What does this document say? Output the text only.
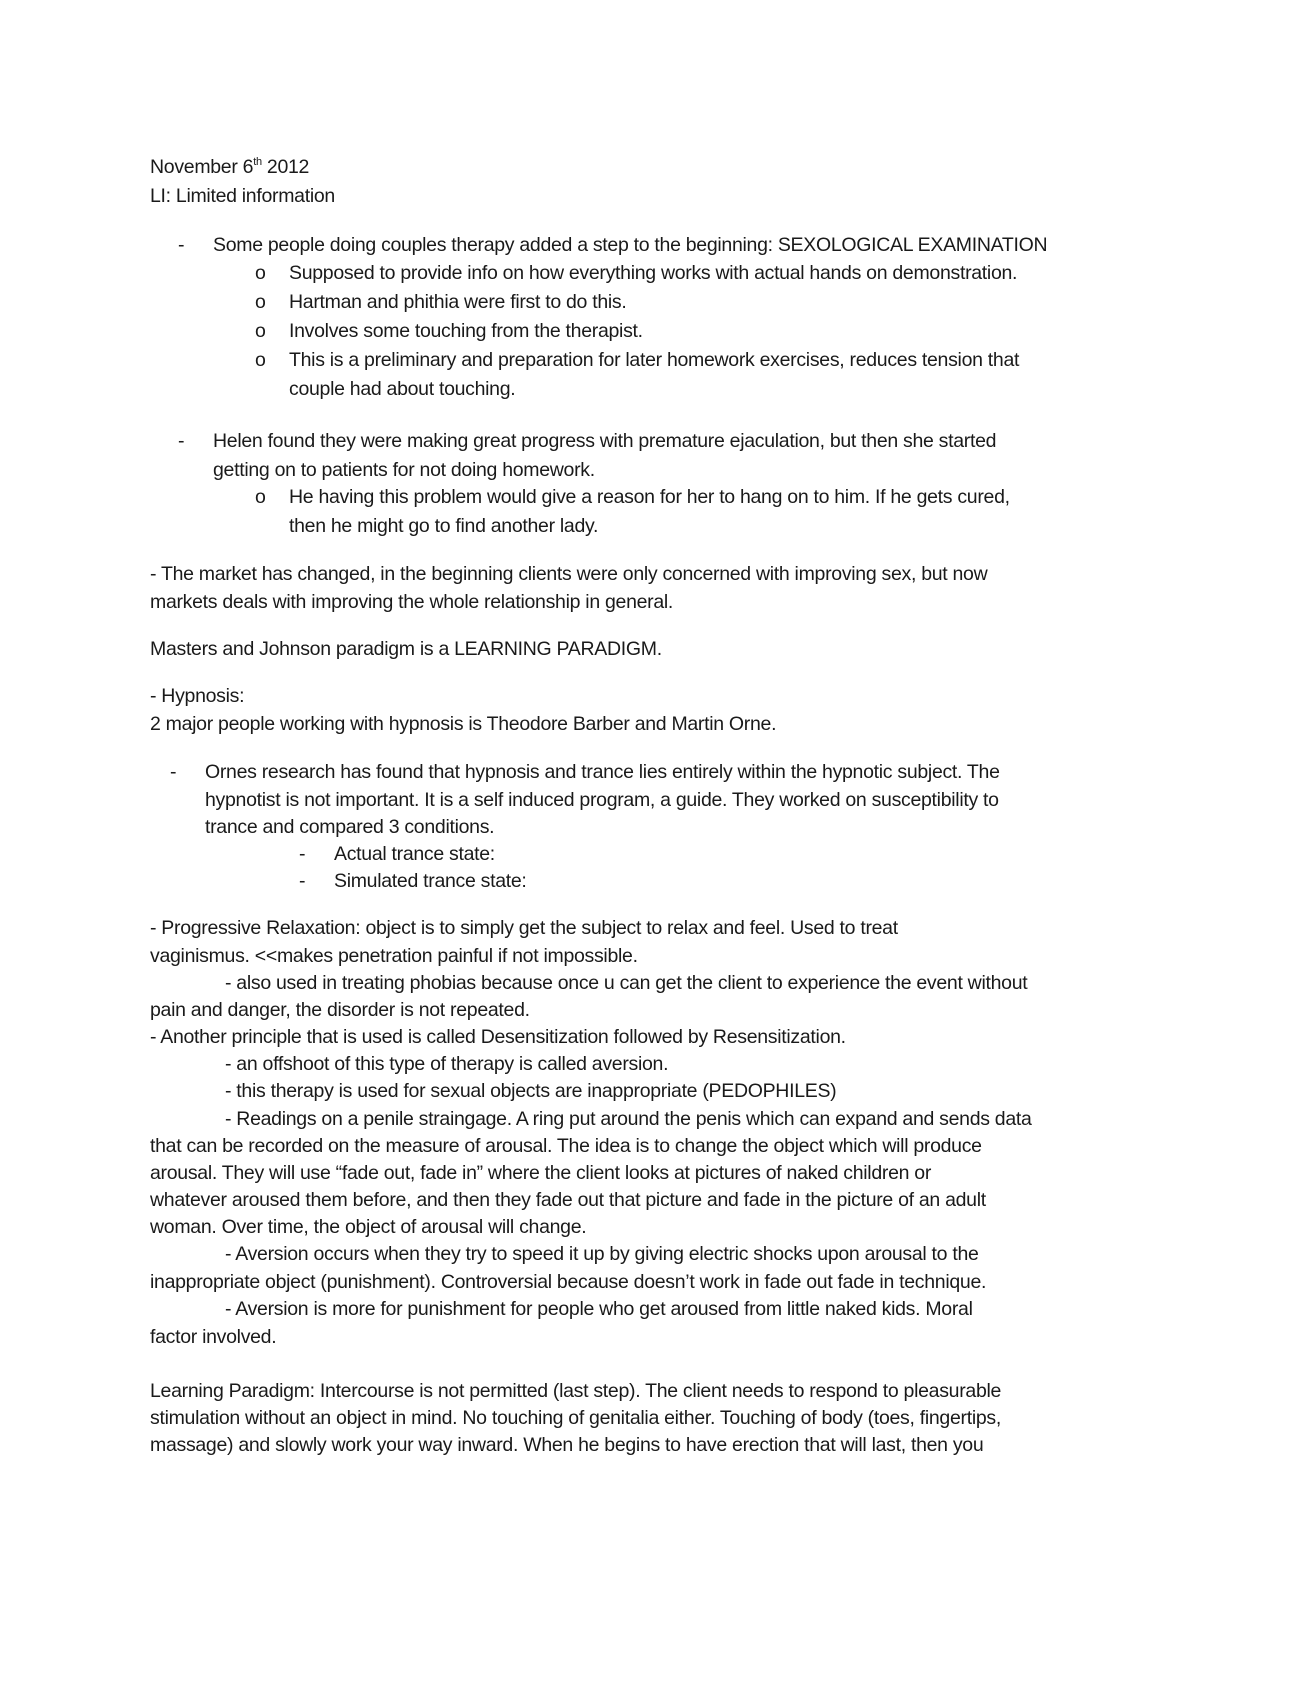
November 6th 2012
LI: Limited information
- Some people doing couples therapy added a step to the beginning: SEXOLOGICAL EXAMINATION
o Supposed to provide info on how everything works with actual hands on demonstration.
o Hartman and phithia were first to do this.
o Involves some touching from the therapist.
o This is a preliminary and preparation for later homework exercises, reduces tension that
couple had about touching.
- Helen found they were making great progress with premature ejaculation, but then she started
getting on to patients for not doing homework.
o He having this problem would give a reason for her to hang on to him. If he gets cured,
then he might go to find another lady.
- The market has changed, in the beginning clients were only concerned with improving sex, but now
markets deals with improving the whole relationship in general.
Masters and Johnson paradigm is a LEARNING PARADIGM.
- Hypnosis:
2 major people working with hypnosis is Theodore Barber and Martin Orne.
- Ornes research has found that hypnosis and trance lies entirely within the hypnotic subject. The
hypnotist is not important. It is a self induced program, a guide. They worked on susceptibility to
trance and compared 3 conditions.
- Actual trance state:
- Simulated trance state:
- Progressive Relaxation: object is to simply get the subject to relax and feel. Used to treat
vaginismus. <<makes penetration painful if not impossible.
- also used in treating phobias because once u can get the client to experience the event without
pain and danger, the disorder is not repeated.
- Another principle that is used is called Desensitization followed by Resensitization.
- an offshoot of this type of therapy is called aversion.
- this therapy is used for sexual objects are inappropriate (PEDOPHILES)
- Readings on a penile straingage. A ring put around the penis which can expand and sends data
that can be recorded on the measure of arousal. The idea is to change the object which will produce
arousal. They will use “fade out, fade in” where the client looks at pictures of naked children or
whatever aroused them before, and then they fade out that picture and fade in the picture of an adult
woman. Over time, the object of arousal will change.
- Aversion occurs when they try to speed it up by giving electric shocks upon arousal to the
inappropriate object (punishment). Controversial because doesn’t work in fade out fade in technique.
- Aversion is more for punishment for people who get aroused from little naked kids. Moral
factor involved.
Learning Paradigm: Intercourse is not permitted (last step). The client needs to respond to pleasurable
stimulation without an object in mind. No touching of genitalia either. Touching of body (toes, fingertips,
massage) and slowly work your way inward. When he begins to have erection that will last, then you
